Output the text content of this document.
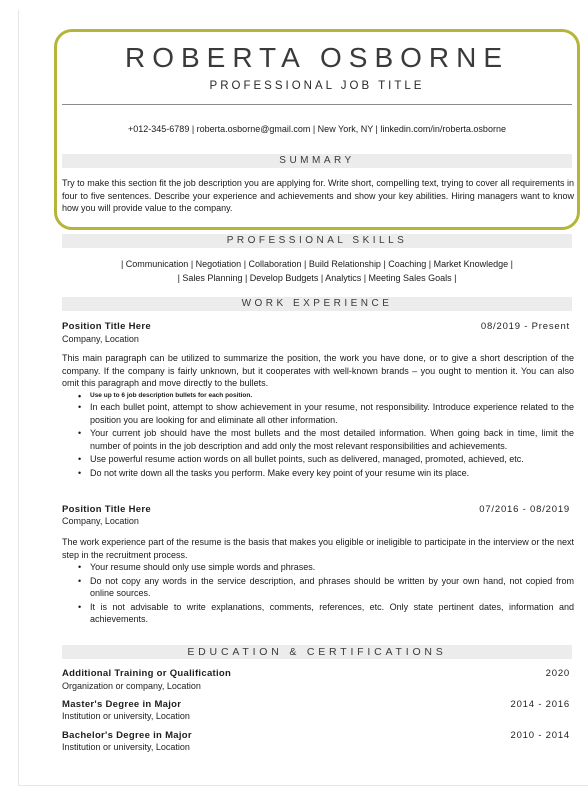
ROBERTA OSBORNE
PROFESSIONAL JOB TITLE
+012-345-6789 | roberta.osborne@gmail.com | New York, NY | linkedin.com/in/roberta.osborne
SUMMARY
Try to make this section fit the job description you are applying for. Write short, compelling text, trying to cover all requirements in four to five sentences. Describe your experience and achievements and show your key abilities. Hiring managers want to know how you will provide value to the company.
PROFESSIONAL SKILLS
| Communication | Negotiation | Collaboration | Build Relationship | Coaching | Market Knowledge |
| Sales Planning | Develop Budgets | Analytics | Meeting Sales Goals |
WORK EXPERIENCE
Position Title Here	08/2019 - Present
Company, Location
This main paragraph can be utilized to summarize the position, the work you have done, or to give a short description of the company. If the company is fairly unknown, but it cooperates with well-known brands – you ought to mention it. You can also omit this paragraph and move directly to the bullets.
• Use up to 6 job description bullets for each position.
• In each bullet point, attempt to show achievement in your resume, not responsibility. Introduce experience related to the position you are looking for and eliminate all other information.
• Your current job should have the most bullets and the most detailed information. When going back in time, limit the number of points in the job description and add only the most relevant responsibilities and achievements.
• Use powerful resume action words on all bullet points, such as delivered, managed, promoted, achieved, etc.
• Do not write down all the tasks you perform. Make every key point of your resume win its place.
Position Title Here	07/2016 - 08/2019
Company, Location
The work experience part of the resume is the basis that makes you eligible or ineligible to participate in the interview or the next step in the recruitment process.
• Your resume should only use simple words and phrases.
• Do not copy any words in the service description, and phrases should be written by your own hand, not copied from online sources.
• It is not advisable to write explanations, comments, references, etc. Only state pertinent dates, information and achievements.
EDUCATION & CERTIFICATIONS
Additional Training or Qualification	2020
Organization or company, Location
Master's Degree in Major	2014 - 2016
Institution or university, Location
Bachelor's Degree in Major	2010 - 2014
Institution or university, Location
